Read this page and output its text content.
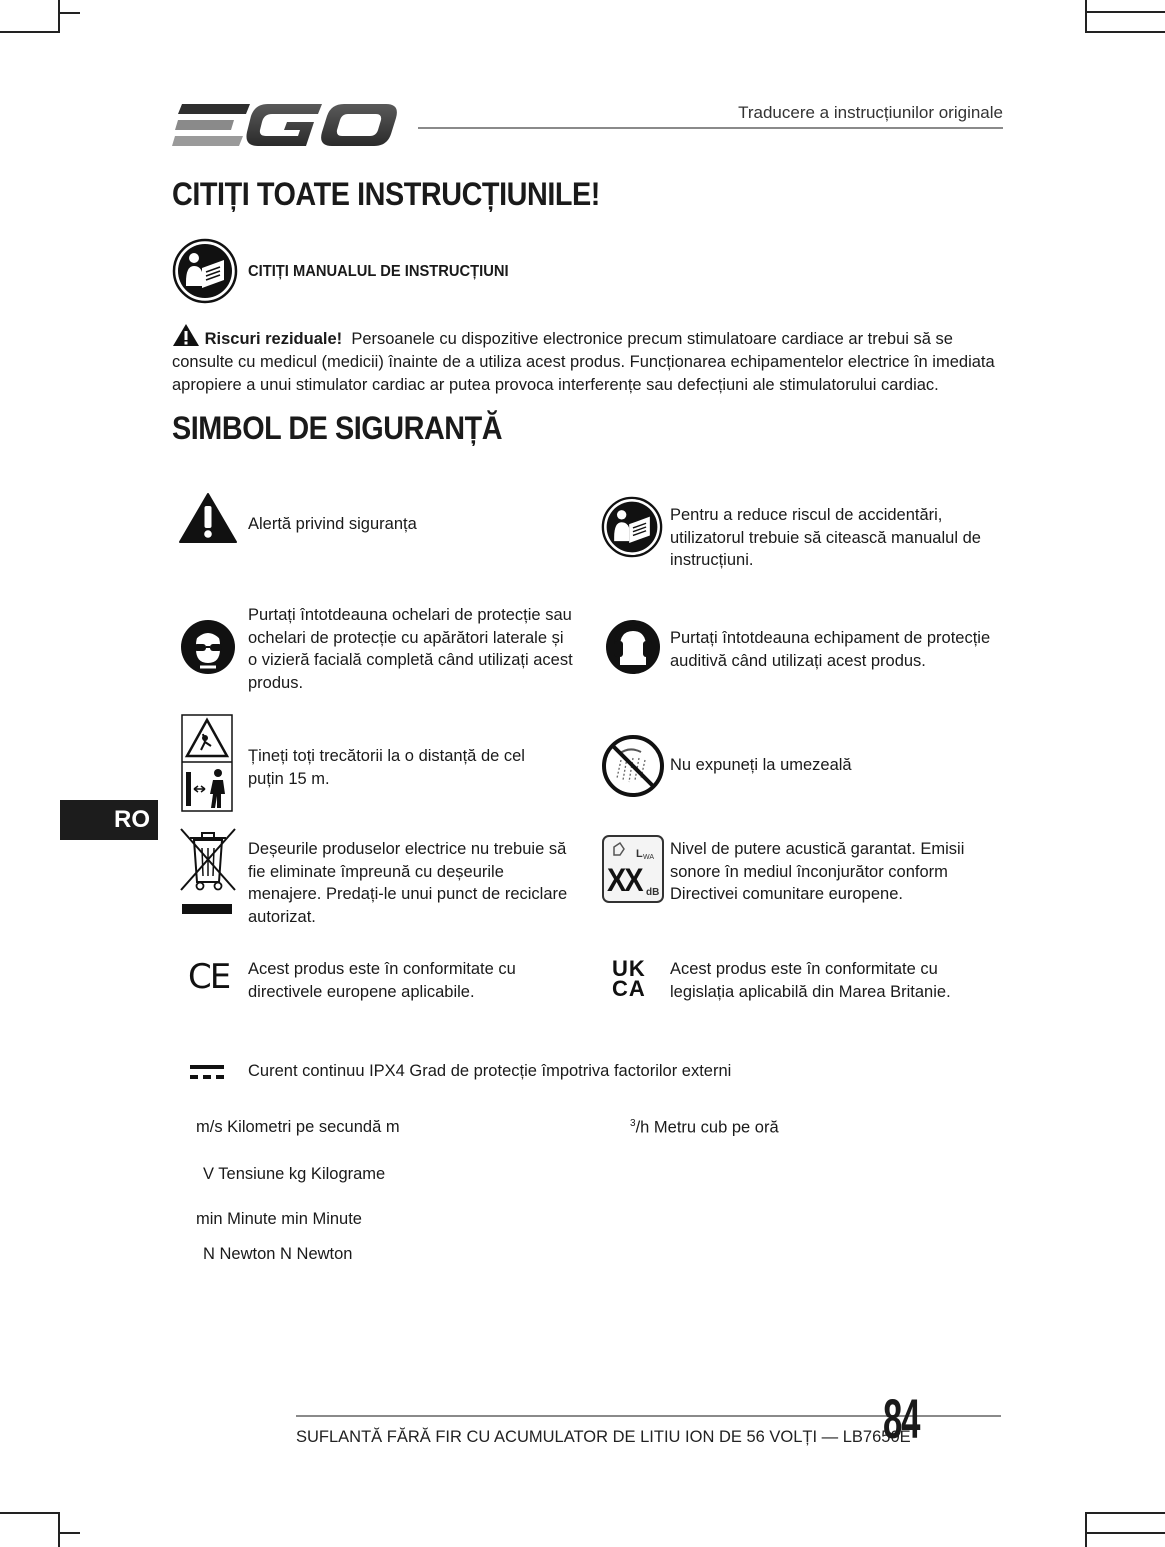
Traducere a instrucțiunilor originale
CITIȚI TOATE INSTRUCȚIUNILE!
CITIȚI MANUALUL DE INSTRUCȚIUNI
Riscuri reziduale! Persoanele cu dispozitive electronice precum stimulatoare cardiace ar trebui să se consulte cu medicul (medicii) înainte de a utiliza acest produs. Funcționarea echipamentelor electrice în imediata apropiere a unui stimulator cardiac ar putea provoca interferențe sau defecțiuni ale stimulatorului cardiac.
SIMBOL DE SIGURANȚĂ
Alertă privind siguranța	Pentru a reduce riscul de accidentări, utilizatorul trebuie să citească manualul de instrucțiuni.
Purtați întotdeauna ochelari de protecție sau ochelari de protecție cu apărători laterale și o vizieră facială completă când utilizați acest produs.
Purtați întotdeauna echipament de protecție auditivă când utilizați acest produs.
Țineți toți trecătorii la o distanță de cel puțin 15 m.
Nu expuneți la umezeală
RO
Deșeurile produselor electrice nu trebuie să fie eliminate împreună cu deșeurile menajere. Predați-le unui punct de reciclare autorizat.
L WA
dB
XX
Nivel de putere acustică garantat. Emisii sonore în mediul înconjurător conform Directivei comunitare europene.
CE Acest produs este în conformitate cu directivele europene aplicabile.
UK
CA
Acest produs este în conformitate cu legislația aplicabilă din Marea Britanie.
Curent continuu IPX4 Grad de protecție împotriva factorilor externi
m/s Kilometri pe secundă m	$^3$/h Metru cub pe oră
V Tensiune kg Kilograme
min Minute min Minute
N Newton N Newton
SUFLANTĂ FĂRĂ FIR CU ACUMULATOR DE LITIU ION DE 56 VOLȚI — LB7650E
84
